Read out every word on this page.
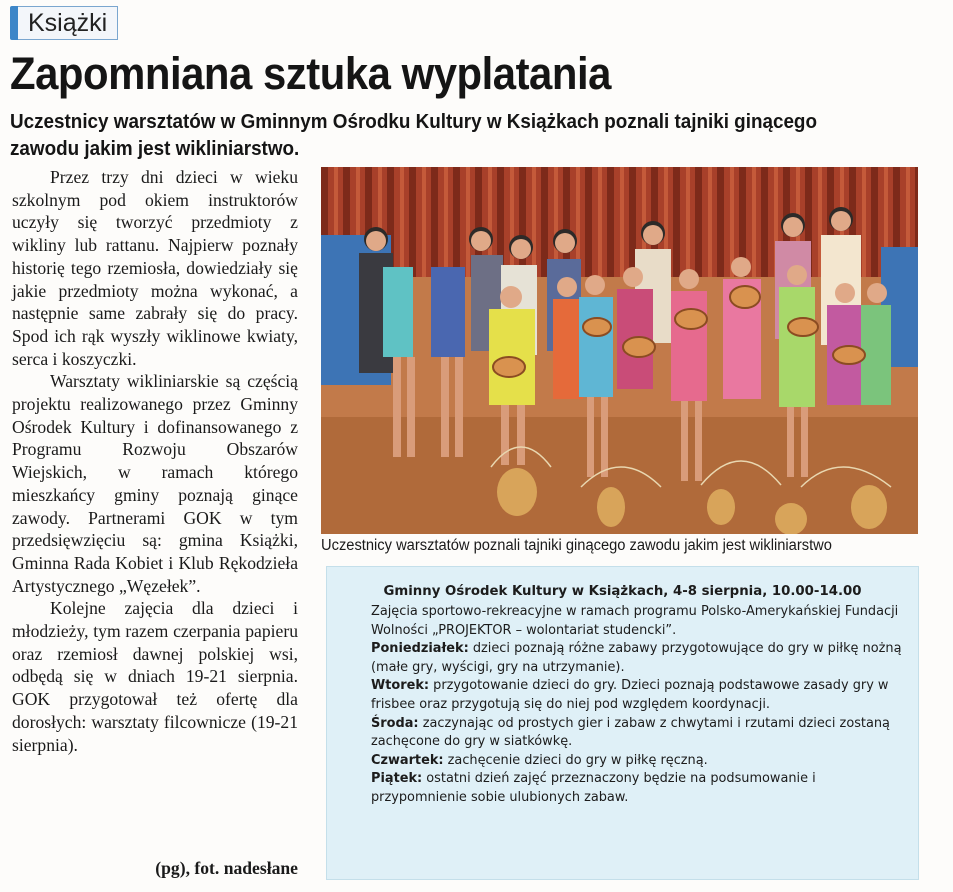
Książki
Zapomniana sztuka wyplatania
Uczestnicy warsztatów w Gminnym Ośrodku Kultury w Książkach poznali tajniki ginącego zawodu jakim jest wikliniarstwo.

Przez trzy dni dzieci w wieku szkolnym pod okiem instruktorów uczyły się tworzyć przedmioty z wikliny lub rattanu. Najpierw poznały historię tego rzemiosła, dowiedziały się jakie przedmioty można wykonać, a następnie same zabrały się do pracy. Spod ich rąk wyszły wiklinowe kwiaty, serca i koszyczki.

Warsztaty wikliniarskie są częścią projektu realizowanego przez Gminny Ośrodek Kultury i dofinansowanego z Programu Rozwoju Obszarów Wiejskich, w ramach którego mieszkańcy gminy poznają ginące zawody. Partnerami GOK w tym przedsięwzięciu są: gmina Książki, Gminna Rada Kobiet i Klub Rękodzieła Artystycznego „Węzełek”.

Kolejne zajęcia dla dzieci i młodzieży, tym razem czerpania papieru oraz rzemiosł dawnej polskiej wsi, odbędą się w dniach 19-21 sierpnia. GOK przygotował też ofertę dla dorosłych: warsztaty filcownicze (19-21 sierpnia).

(pg), fot. nadesłane
Uczestnicy warsztatów poznali tajniki ginącego zawodu jakim jest wikliniarstwo
Gminny Ośrodek Kultury w Książkach, 4-8 sierpnia, 10.00-14.00

Zajęcia sportowo-rekreacyjne w ramach programu Polsko-Amerykańskiej Fundacji Wolności „PROJEKTOR – wolontariat studencki”.

Poniedziałek: dzieci poznają różne zabawy przygotowujące do gry w piłkę nożną (małe gry, wyścigi, gry na utrzymanie).

Wtorek: przygotowanie dzieci do gry. Dzieci poznają podstawowe zasady gry w frisbee oraz przygotują się do niej pod względem koordynacji.

Środa: zaczynając od prostych gier i zabaw z chwytami i rzutami dzieci zostaną zachęcone do gry w siatkówkę.

Czwartek: zachęcenie dzieci do gry w piłkę ręczną.

Piątek: ostatni dzień zajęć przeznaczony będzie na podsumowanie i przypomnienie sobie ulubionych zabaw.
